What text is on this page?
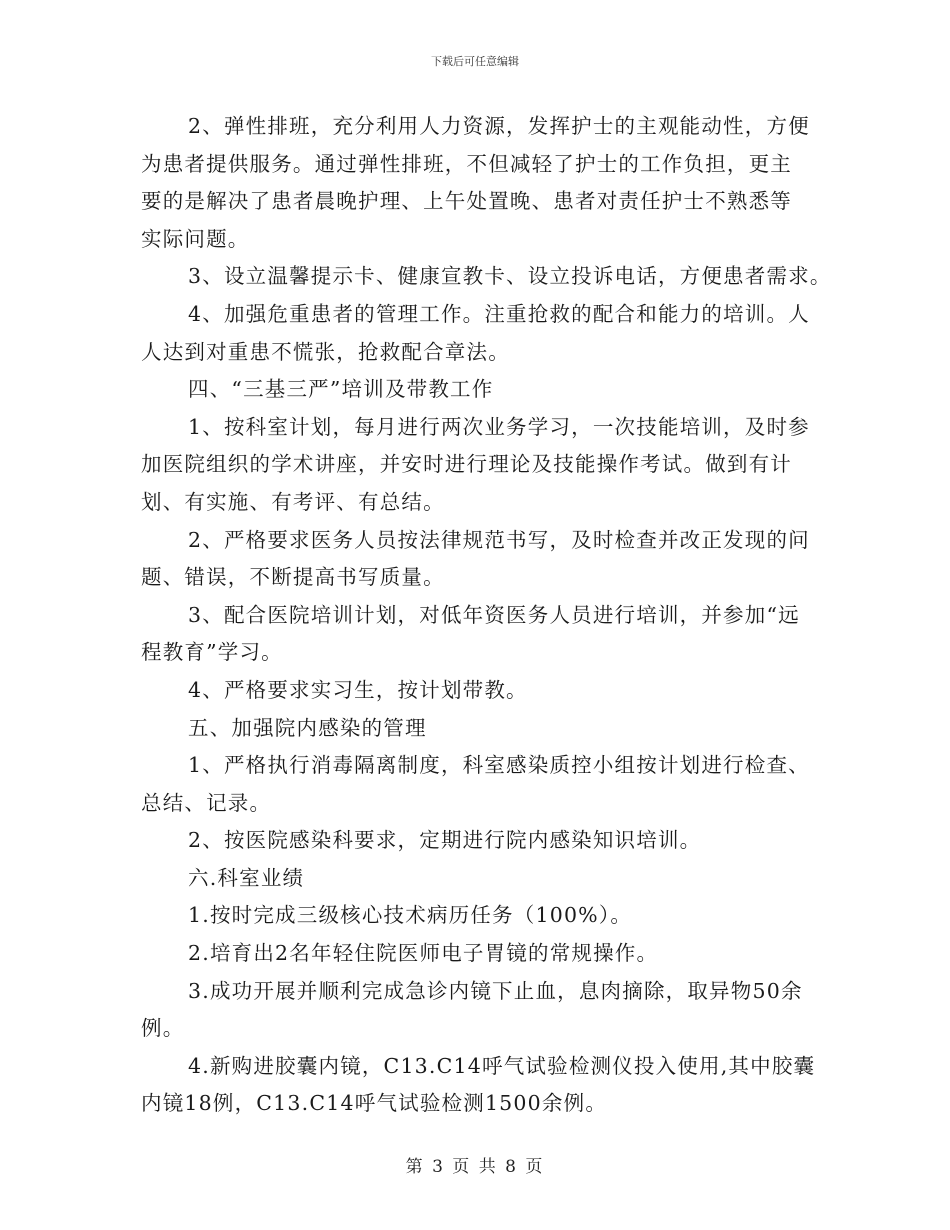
下载后可任意编辑
2、弹性排班，充分利用人力资源，发挥护士的主观能动性，方便
为患者提供服务。通过弹性排班，不但减轻了护士的工作负担，更主
要的是解决了患者晨晚护理、上午处置晚、患者对责任护士不熟悉等
实际问题。
3、设立温馨提示卡、健康宣教卡、设立投诉电话，方便患者需求。
4、加强危重患者的管理工作。注重抢救的配合和能力的培训。人
人达到对重患不慌张，抢救配合章法。
四、“三基三严”培训及带教工作
1、按科室计划，每月进行两次业务学习，一次技能培训，及时参
加医院组织的学术讲座，并安时进行理论及技能操作考试。做到有计
划、有实施、有考评、有总结。
2、严格要求医务人员按法律规范书写，及时检查并改正发现的问
题、错误，不断提高书写质量。
3、配合医院培训计划，对低年资医务人员进行培训，并参加“远
程教育”学习。
4、严格要求实习生，按计划带教。
五、加强院内感染的管理
1、严格执行消毒隔离制度，科室感染质控小组按计划进行检查、
总结、记录。
2、按医院感染科要求，定期进行院内感染知识培训。
六.科室业绩
1.按时完成三级核心技术病历任务（100%）。
2.培育出2名年轻住院医师电子胃镜的常规操作。
3.成功开展并顺利完成急诊内镜下止血，息肉摘除，取异物50余
例。
4.新购进胶囊内镜，C13.C14呼气试验检测仪投入使用,其中胶囊
内镜18例，C13.C14呼气试验检测1500余例。
第 3 页 共 8 页
